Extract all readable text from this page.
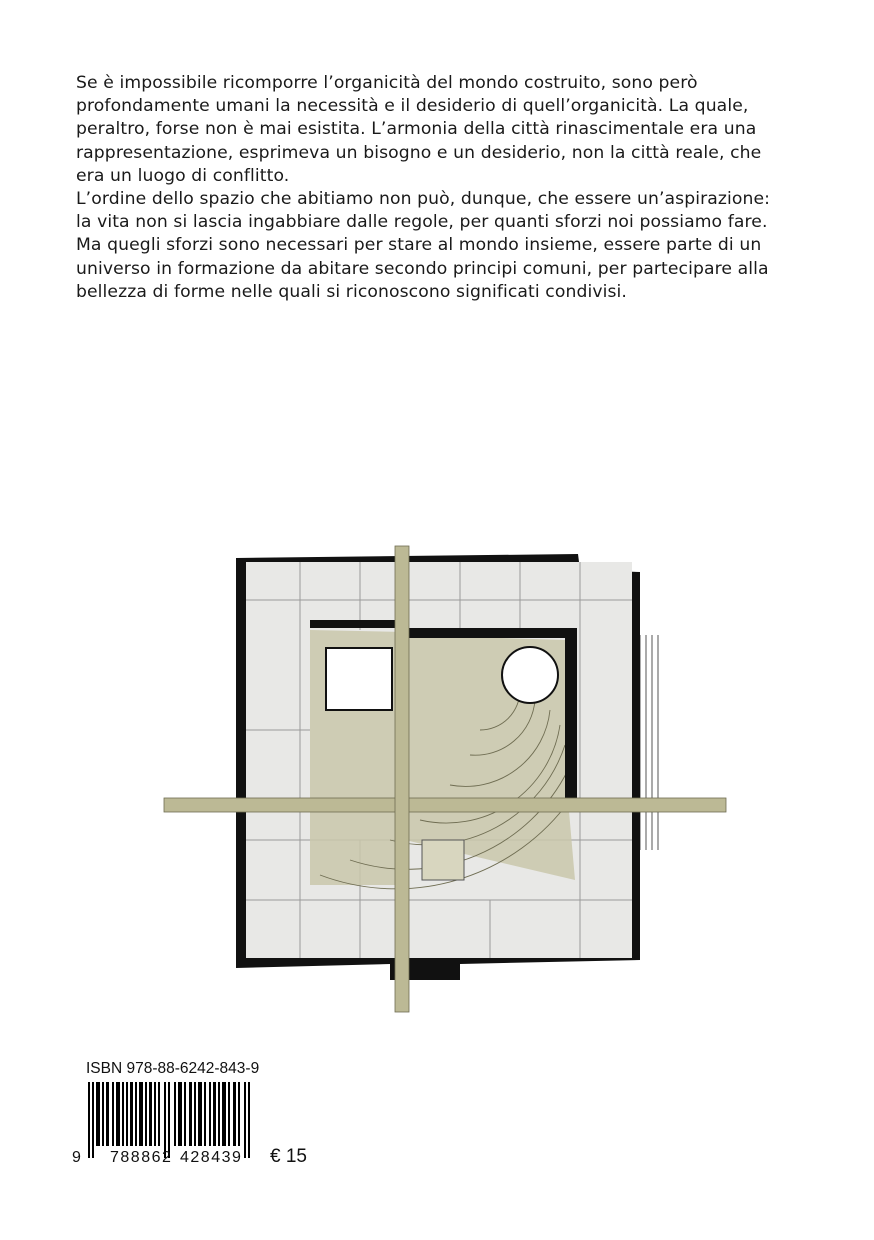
Se è impossibile ricomporre l’organicità del mondo costruito, sono però profondamente umani la necessità e il desiderio di quell’organicità. La quale, peraltro, forse non è mai esistita. L’armonia della città rinascimentale era una rappresentazione, esprimeva un bisogno e un desiderio, non la città reale, che era un luogo di conflitto.

L’ordine dello spazio che abitiamo non può, dunque, che essere un’aspirazione: la vita non si lascia ingabbiare dalle regole, per quanti sforzi noi possiamo fare. Ma quegli sforzi sono necessari per stare al mondo insieme, essere parte di un universo in formazione da abitare secondo principi comuni, per partecipare alla bellezza di forme nelle quali si riconoscono significati condivisi.

ISBN 978-88-6242-843-9
9 788862 428439 € 15
